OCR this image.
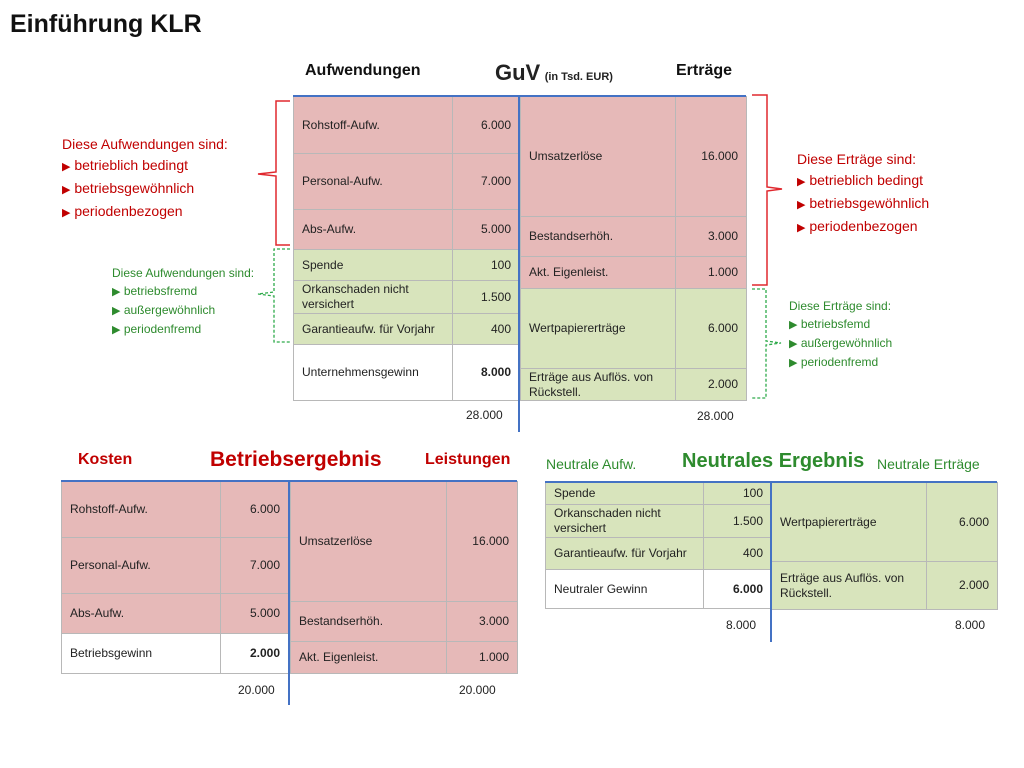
Einführung KLR
Aufwendungen	GuV (in Tsd. EUR)	Erträge
Rohstoff-Aufw.	6.000
Personal-Aufw.	7.000
Abs-Aufw.	5.000
Spende	100
Orkanschaden nicht versichert	1.500
Garantieaufw. für Vorjahr	400
Unternehmensgewinn	8.000
Umsatzerlöse	16.000
Bestandserhöh.	3.000
Akt. Eigenleist.	1.000
Wertpapiererträge	6.000
Erträge aus Auflös. von Rückstell.	2.000
28.000	28.000
Diese Aufwendungen sind:
▶ betrieblich bedingt
▶ betriebsgewöhnlich
▶ periodenbezogen
Diese Aufwendungen sind:
▶ betriebsfremd
▶ außergewöhnlich
▶ periodenfremd
Diese Erträge sind:
▶ betrieblich bedingt
▶ betriebsgewöhnlich
▶ periodenbezogen
Diese Erträge sind:
▶ betriebsfemd
▶ außergewöhnlich
▶ periodenfremd
Kosten	Betriebsergebnis	Leistungen
Rohstoff-Aufw.	6.000
Personal-Aufw.	7.000
Abs-Aufw.	5.000
Betriebsgewinn	2.000
Umsatzerlöse	16.000
Bestandserhöh.	3.000
Akt. Eigenleist.	1.000
20.000	20.000
Neutrale Aufw. Neutrales Ergebnis Neutrale Erträge
Spende	100
Orkanschaden nicht versichert	1.500
Garantieaufw. für Vorjahr	400
Neutraler Gewinn	6.000
Wertpapiererträge	6.000
Erträge aus Auflös. von Rückstell.	2.000
8.000	8.000
